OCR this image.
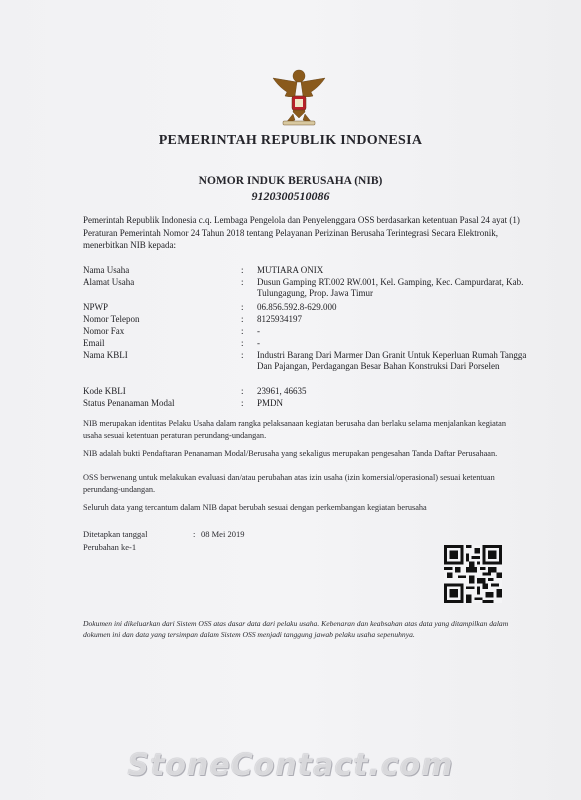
PEMERINTAH REPUBLIK INDONESIA
NOMOR INDUK BERUSAHA (NIB)
9120300510086
Pemerintah Republik Indonesia c.q. Lembaga Pengelola dan Penyelenggara OSS berdasarkan ketentuan Pasal 24 ayat (1) Peraturan Pemerintah Nomor 24 Tahun 2018 tentang Pelayanan Perizinan Berusaha Terintegrasi Secara Elektronik, menerbitkan NIB kepada:
Nama Usaha	: MUTIARA ONIX
Alamat Usaha	: Dusun Gamping RT.002 RW.001, Kel. Gamping, Kec. Campurdarat, Kab. Tulungagung, Prop. Jawa Timur
NPWP	: 06.856.592.8-629.000
Nomor Telepon	: 8125934197
Nomor Fax	: -
Email	: -
Nama KBLI	: Industri Barang Dari Marmer Dan Granit Untuk Keperluan Rumah Tangga Dan Pajangan, Perdagangan Besar Bahan Konstruksi Dari Porselen
Kode KBLI	: 23961, 46635
Status Penanaman Modal	: PMDN
NIB merupakan identitas Pelaku Usaha dalam rangka pelaksanaan kegiatan berusaha dan berlaku selama menjalankan kegiatan usaha sesuai ketentuan peraturan perundang-undangan.
NIB adalah bukti Pendaftaran Penanaman Modal/Berusaha yang sekaligus merupakan pengesahan Tanda Daftar Perusahaan.
OSS berwenang untuk melakukan evaluasi dan/atau perubahan atas izin usaha (izin komersial/operasional) sesuai ketentuan perundang-undangan.
Seluruh data yang tercantum dalam NIB dapat berubah sesuai dengan perkembangan kegiatan berusaha
Ditetapkan tanggal	: 08 Mei 2019
Perubahan ke-1
Dokumen ini dikeluarkan dari Sistem OSS atas dasar data dari pelaku usaha. Kebenaran dan keabsahan atas data yang ditampilkan dalam dokumen ini dan data yang tersimpan dalam Sistem OSS menjadi tanggung jawab pelaku usaha sepenuhnya.
StoneContact.com
